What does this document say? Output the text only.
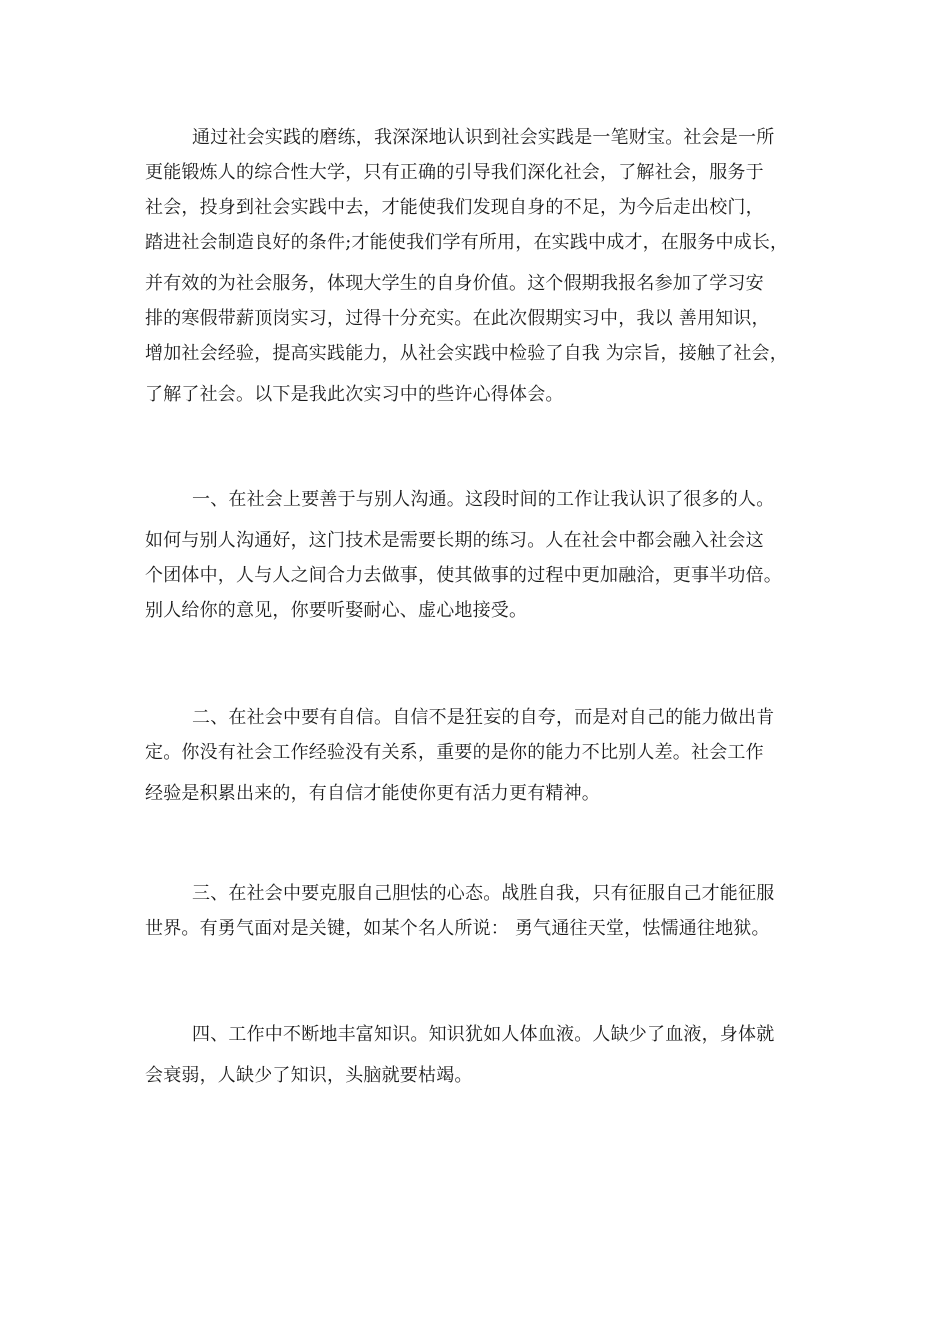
通过社会实践的磨练，我深深地认识到社会实践是一笔财宝。社会是一所
更能锻炼人的综合性大学，只有正确的引导我们深化社会，了解社会，服务于
社会，投身到社会实践中去，才能使我们发现自身的不足，为今后走出校门，
踏进社会制造良好的条件;才能使我们学有所用，在实践中成才，在服务中成长，
并有效的为社会服务，体现大学生的自身价值。这个假期我报名参加了学习安
排的寒假带薪顶岗实习，过得十分充实。在此次假期实习中，我以 善用知识，
增加社会经验，提高实践能力，从社会实践中检验了自我 为宗旨，接触了社会，
了解了社会。以下是我此次实习中的些许心得体会。
一、在社会上要善于与别人沟通。这段时间的工作让我认识了很多的人。
如何与别人沟通好，这门技术是需要长期的练习。人在社会中都会融入社会这
个团体中，人与人之间合力去做事，使其做事的过程中更加融洽，更事半功倍。
别人给你的意见，你要听娶耐心、虚心地接受。
二、在社会中要有自信。自信不是狂妄的自夸，而是对自己的能力做出肯
定。你没有社会工作经验没有关系，重要的是你的能力不比别人差。社会工作
经验是积累出来的，有自信才能使你更有活力更有精神。
三、在社会中要克服自己胆怯的心态。战胜自我，只有征服自己才能征服
世界。有勇气面对是关键，如某个名人所说： 勇气通往天堂，怯懦通往地狱。
四、工作中不断地丰富知识。知识犹如人体血液。人缺少了血液，身体就
会衰弱，人缺少了知识，头脑就要枯竭。
